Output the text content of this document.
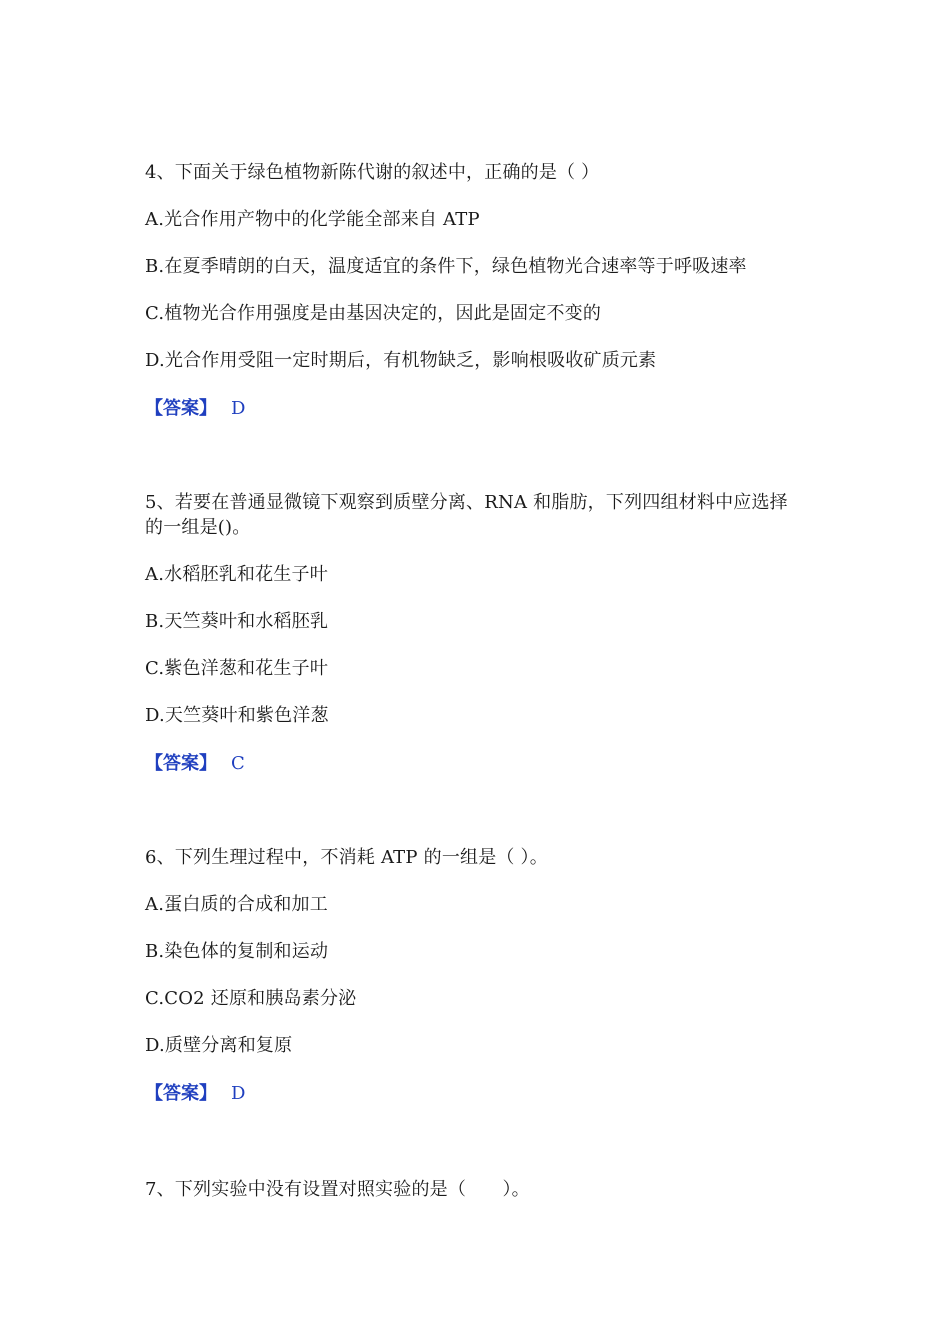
4、下面关于绿色植物新陈代谢的叙述中，正确的是（ ）
A.光合作用产物中的化学能全部来自 ATP
B.在夏季晴朗的白天，温度适宜的条件下，绿色植物光合速率等于呼吸速率
C.植物光合作用强度是由基因决定的，因此是固定不变的
D.光合作用受阻一定时期后，有机物缺乏，影响根吸收矿质元素
【答案】 D
5、若要在普通显微镜下观察到质壁分离、RNA 和脂肪，下列四组材料中应选择
的一组是()。
A.水稻胚乳和花生子叶
B.天竺葵叶和水稻胚乳
C.紫色洋葱和花生子叶
D.天竺葵叶和紫色洋葱
【答案】 C
6、下列生理过程中，不消耗 ATP 的一组是（ ）。
A.蛋白质的合成和加工
B.染色体的复制和运动
C.CO2 还原和胰岛素分泌
D.质壁分离和复原
【答案】 D
7、下列实验中没有设置对照实验的是（　　）。
